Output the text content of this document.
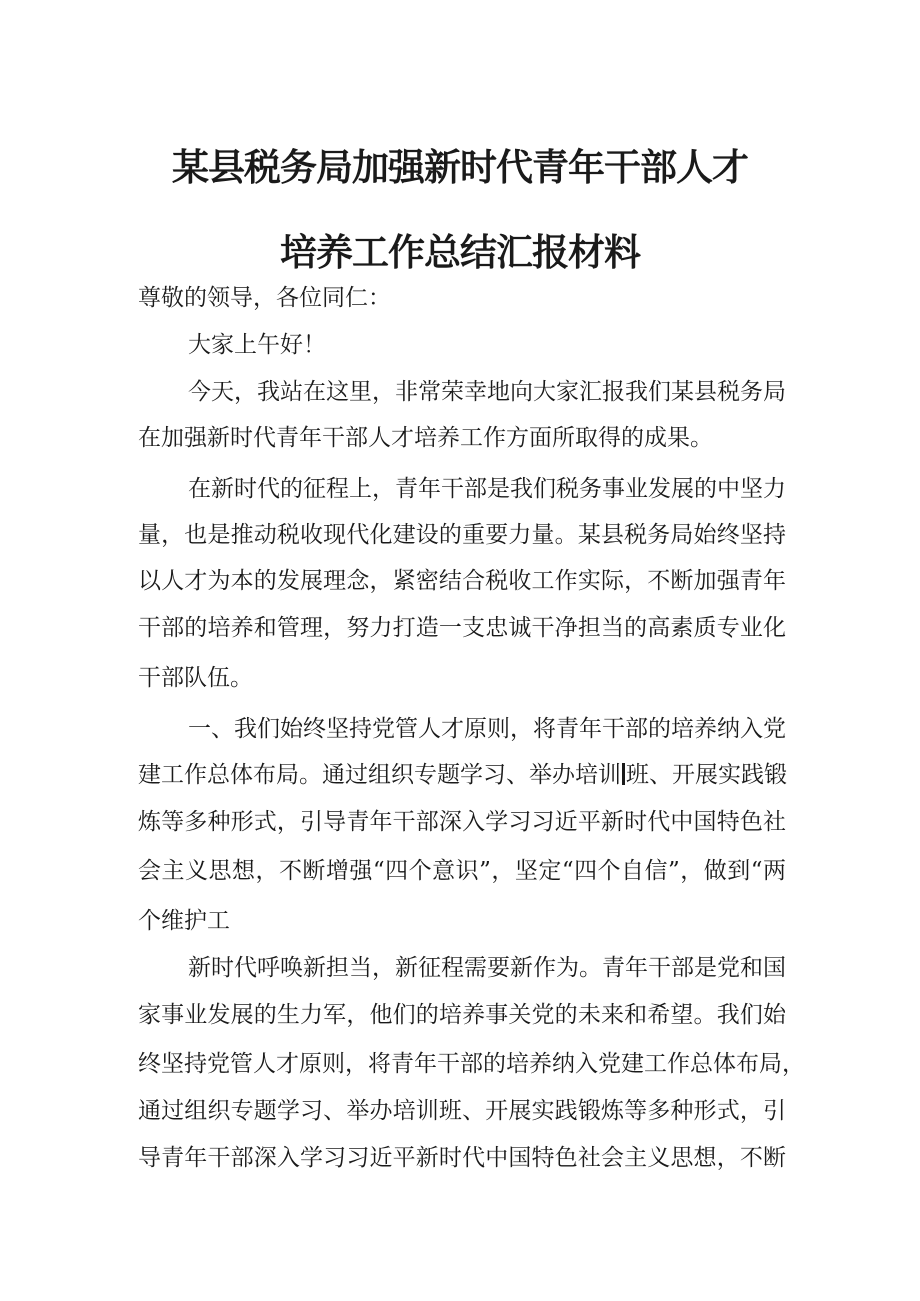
某县税务局加强新时代青年干部人才
培养工作总结汇报材料
尊敬的领导，各位同仁：
大家上午好！
今天，我站在这里，非常荣幸地向大家汇报我们某县税务局
在加强新时代青年干部人才培养工作方面所取得的成果。
在新时代的征程上，青年干部是我们税务事业发展的中坚力
量，也是推动税收现代化建设的重要力量。某县税务局始终坚持
以人才为本的发展理念，紧密结合税收工作实际，不断加强青年
干部的培养和管理，努力打造一支忠诚干净担当的高素质专业化
干部队伍。
一、我们始终坚持党管人才原则，将青年干部的培养纳入党
建工作总体布局。通过组织专题学习、举办培训 班、开展实践锻
炼等多种形式，引导青年干部深入学习习近平新时代中国特色社
会主义思想，不断增强“四个意识”，坚定“四个自信”，做到“两
个维护工
新时代呼唤新担当，新征程需要新作为。青年干部是党和国
家事业发展的生力军，他们的培养事关党的未来和希望。我们始
终坚持党管人才原则，将青年干部的培养纳入党建工作总体布局，
通过组织专题学习、举办培训班、开展实践锻炼等多种形式，引
导青年干部深入学习习近平新时代中国特色社会主义思想，不断
